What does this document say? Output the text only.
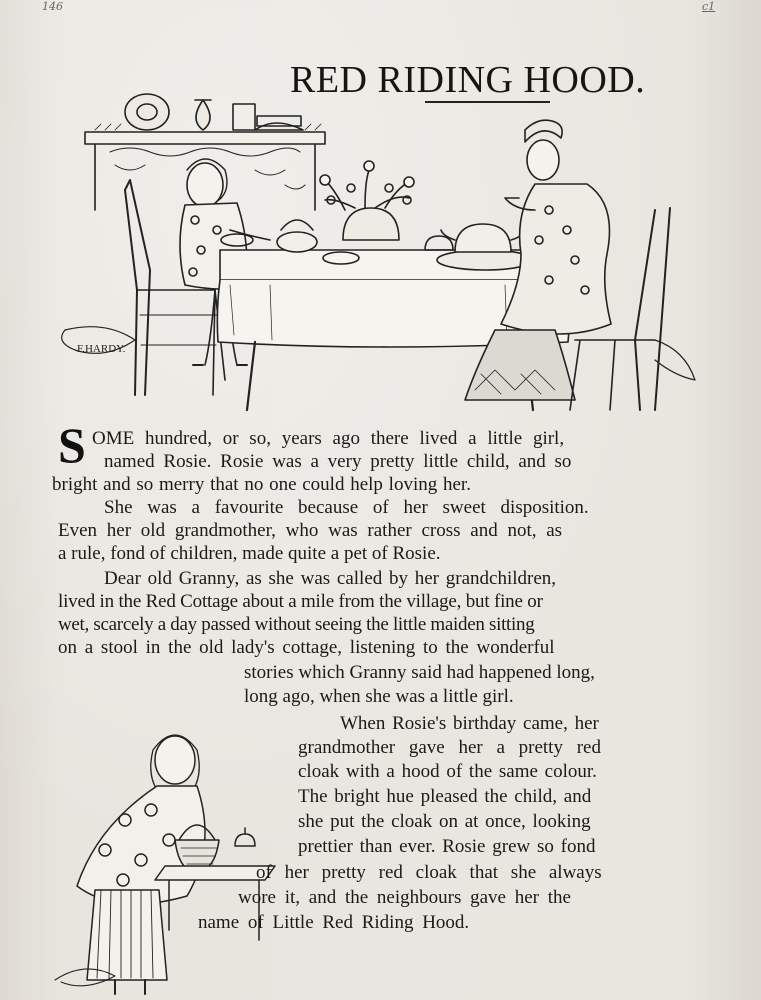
146	c1
RED RIDING HOOD.
F.HARDY.
S OME hundred, or so, years ago there lived a little girl,
named Rosie. Rosie was a very pretty little child, and so
bright and so merry that no one could help loving her.
She was a favourite because of her sweet disposition.
Even her old grandmother, who was rather cross and not, as
a rule, fond of children, made quite a pet of Rosie.
Dear old Granny, as she was called by her grandchildren,
lived in the Red Cottage about a mile from the village, but fine or
wet, scarcely a day passed without seeing the little maiden sitting
on a stool in the old lady's cottage, listening to the wonderful
stories which Granny said had happened long,
long ago, when she was a little girl.
When Rosie's birthday came, her
grandmother gave her a pretty red
cloak with a hood of the same colour.
The bright hue pleased the child, and
she put the cloak on at once, looking
prettier than ever. Rosie grew so fond
of her pretty red cloak that she always
wore it, and the neighbours gave her the
name of Little Red Riding Hood.
